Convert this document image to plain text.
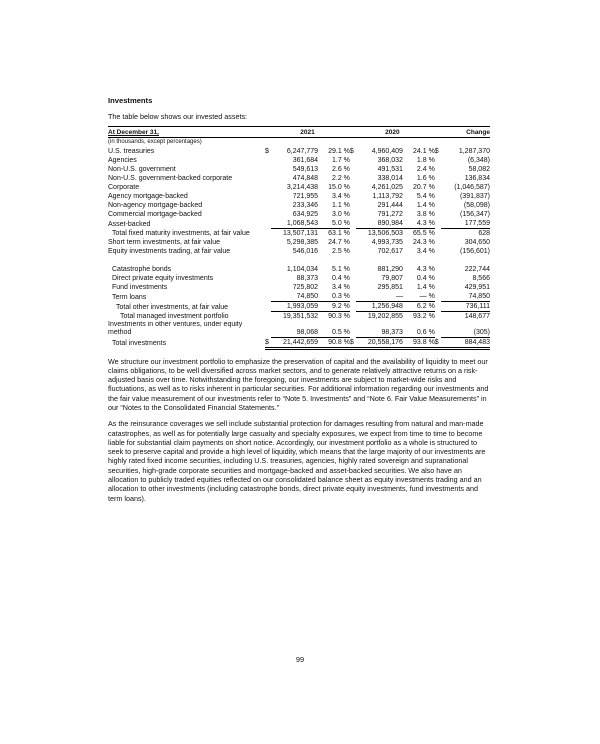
Investments
The table below shows our invested assets:
At December 31,	2021			2020			Change	
(in thousands, except percentages)								
U.S. treasuries	$	6,247,779	29.1 %	$	4,960,409	24.1 %	$	1,287,370
Agencies		361,684	1.7 %		368,032	1.8 %		(6,348)
Non-U.S. government		549,613	2.6 %		491,531	2.4 %		58,082
Non-U.S. government-backed corporate		474,848	2.2 %		338,014	1.6 %		136,834
Corporate		3,214,438	15.0 %		4,261,025	20.7 %		(1,046,587)
Agency mortgage-backed		721,955	3.4 %		1,113,792	5.4 %		(391,837)
Non-agency mortgage-backed		233,346	1.1 %		291,444	1.4 %		(58,098)
Commercial mortgage-backed		634,925	3.0 %		791,272	3.8 %		(156,347)
Asset-backed		1,068,543	5.0 %		890,984	4.3 %		177,559
Total fixed maturity investments, at fair value		13,507,131	63.1 %		13,506,503	65.5 %		628
Short term investments, at fair value		5,298,385	24.7 %		4,993,735	24.3 %		304,650
Equity investments trading, at fair value		546,016	2.5 %		702,617	3.4 %		(156,601)

Catastrophe bonds		1,104,034	5.1 %		881,290	4.3 %		222,744
Direct private equity investments		88,373	0.4 %		79,807	0.4 %		8,566
Fund investments		725,802	3.4 %		295,851	1.4 %		429,951
Term loans		74,850	0.3 %		—	— %		74,850
Total other investments, at fair value		1,993,059	9.2 %		1,256,948	6.2 %		736,111
Total managed investment portfolio		19,351,532	90.3 %		19,202,855	93.2 %		148,677
Investments in other ventures, under equity method		98,068	0.5 %		98,373	0.6 %		(305)
Total investments	$	21,442,659	90.8 %	$	20,558,176	93.8 %	$	884,483

We structure our investment portfolio to emphasize the preservation of capital and the availability of liquidity to meet our claims obligations, to be well diversified across market sectors, and to generate relatively attractive returns on a risk-adjusted basis over time. Notwithstanding the foregoing, our investments are subject to market-wide risks and fluctuations, as well as to risks inherent in particular securities. For additional information regarding our investments and the fair value measurement of our investments refer to “Note 5. Investments” and “Note 6. Fair Value Measurements” in our “Notes to the Consolidated Financial Statements.”

As the reinsurance coverages we sell include substantial protection for damages resulting from natural and man-made catastrophes, as well as for potentially large casualty and specialty exposures, we expect from time to time to become liable for substantial claim payments on short notice. Accordingly, our investment portfolio as a whole is structured to seek to preserve capital and provide a high level of liquidity, which means that the large majority of our investments are highly rated fixed income securities, including U.S. treasuries, agencies, highly rated sovereign and supranational securities, high-grade corporate securities and mortgage-backed and asset-backed securities. We also have an allocation to publicly traded equities reflected on our consolidated balance sheet as equity investments trading and an allocation to other investments (including catastrophe bonds, direct private equity investments, fund investments and term loans).

99
